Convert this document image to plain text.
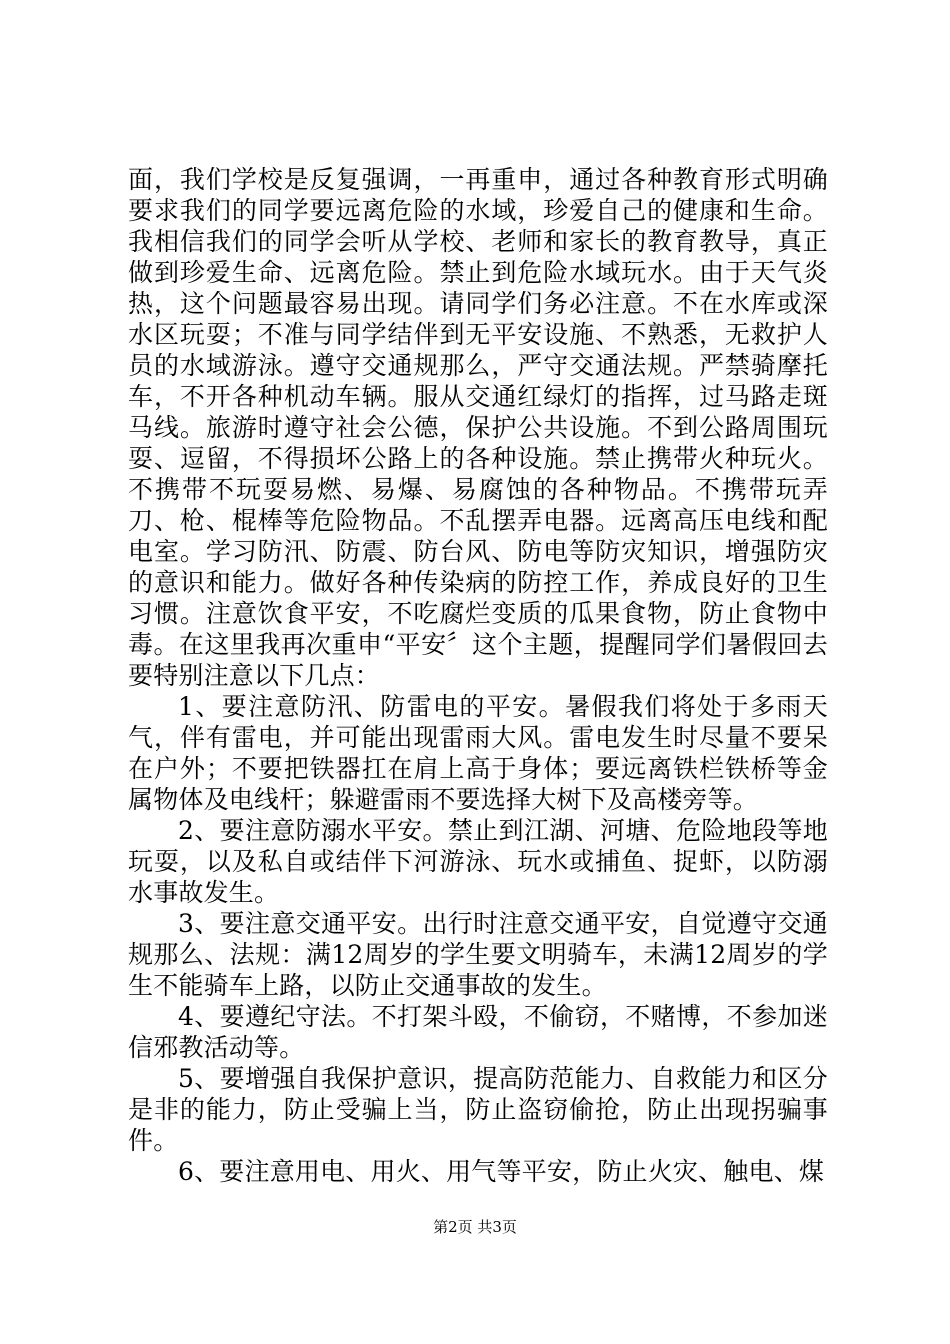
面，我们学校是反复强调，一再重申，通过各种教育形式明确要求我们的同学要远离危险的水域，珍爱自己的健康和生命。我相信我们的同学会听从学校、老师和家长的教育教导，真正做到珍爱生命、远离危险。禁止到危险水域玩水。由于天气炎热，这个问题最容易出现。请同学们务必注意。不在水库或深水区玩耍；不准与同学结伴到无平安设施、不熟悉，无救护人员的水域游泳。遵守交通规那么，严守交通法规。严禁骑摩托车，不开各种机动车辆。服从交通红绿灯的指挥，过马路走斑马线。旅游时遵守社会公德，保护公共设施。不到公路周围玩耍、逗留，不得损坏公路上的各种设施。禁止携带火种玩火。不携带不玩耍易燃、易爆、易腐蚀的各种物品。不携带玩弄刀、枪、棍棒等危险物品。不乱摆弄电器。远离高压电线和配电室。学习防汛、防震、防台风、防电等防灾知识，增强防灾的意识和能力。做好各种传染病的防控工作，养成良好的卫生习惯。注意饮食平安，不吃腐烂变质的瓜果食物，防止食物中毒。在这里我再次重申“平安〞这个主题，提醒同学们暑假回去要特别注意以下几点：

1、要注意防汛、防雷电的平安。暑假我们将处于多雨天气，伴有雷电，并可能出现雷雨大风。雷电发生时尽量不要呆在户外；不要把铁器扛在肩上高于身体；要远离铁栏铁桥等金属物体及电线杆；躲避雷雨不要选择大树下及高楼旁等。

2、要注意防溺水平安。禁止到江湖、河塘、危险地段等地玩耍，以及私自或结伴下河游泳、玩水或捕鱼、捉虾，以防溺水事故发生。

3、要注意交通平安。出行时注意交通平安，自觉遵守交通规那么、法规：满12周岁的学生要文明骑车，未满12周岁的学生不能骑车上路，以防止交通事故的发生。

4、要遵纪守法。不打架斗殴，不偷窃，不赌博，不参加迷信邪教活动等。

5、要增强自我保护意识，提高防范能力、自救能力和区分是非的能力，防止受骗上当，防止盗窃偷抢，防止出现拐骗事件。

6、要注意用电、用火、用气等平安，防止火灾、触电、煤

第2页 共3页
